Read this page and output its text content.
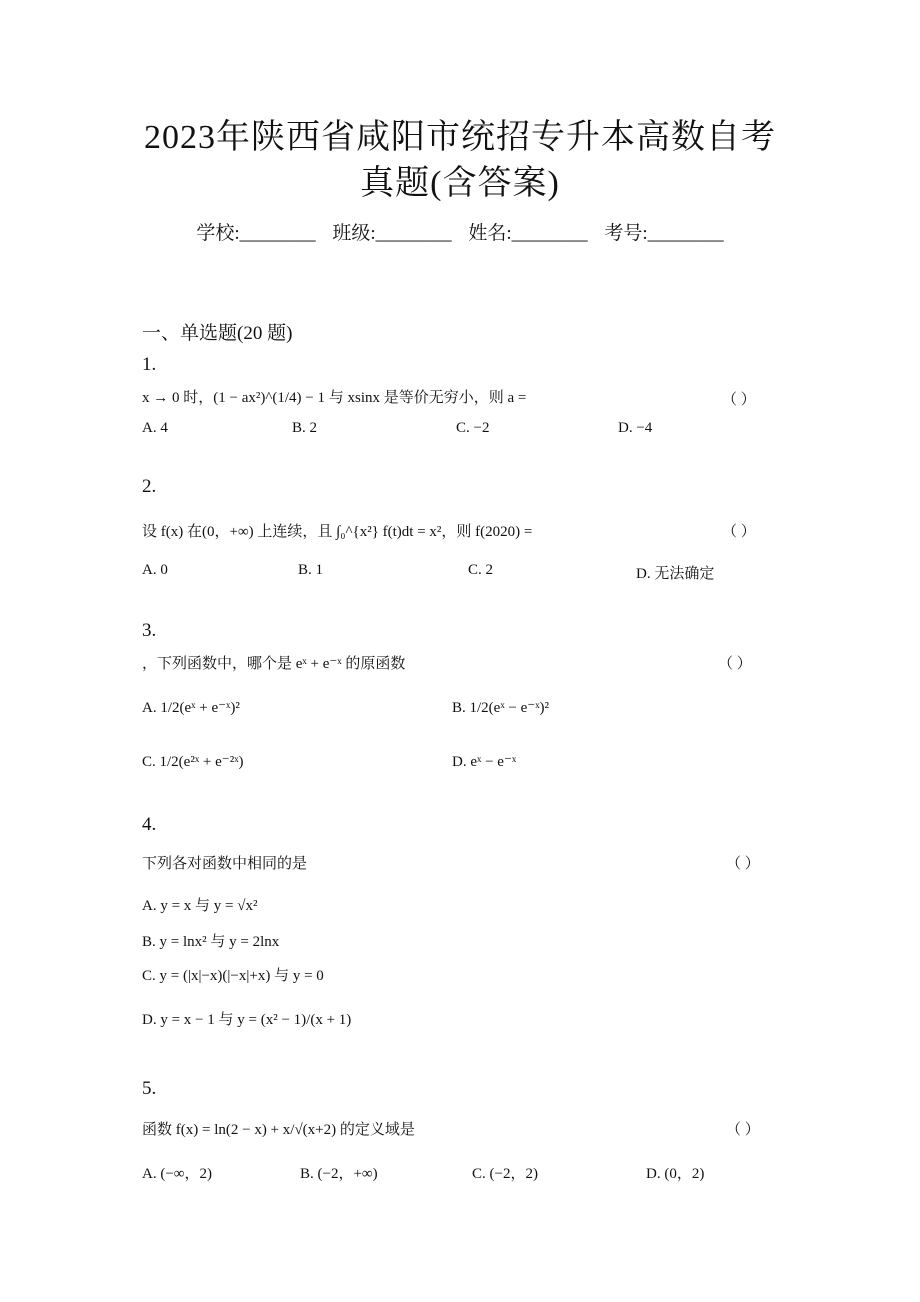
2023年陕西省咸阳市统招专升本高数自考
真题(含答案)
学校:________ 班级:________ 姓名:________ 考号:________
一、单选题(20 题)
1.
x → 0 时，(1 − ax²)^(1/4) − 1 与 xsinx 是等价无穷小，则 a =	（ ）
A. 4	B. 2	C. −2	D. −4
2.
设 f(x) 在(0，+∞) 上连续，且 ∫₀^{x²} f(t)dt = x²，则 f(2020) =	（ ）
A. 0	B. 1	C. 2	D. 无法确定
3.
，下列函数中，哪个是 eˣ + e⁻ˣ 的原函数	（ ）
A. 1/2(eˣ + e⁻ˣ)²	B. 1/2(eˣ − e⁻ˣ)²
C. 1/2(e²ˣ + e⁻²ˣ)	D. eˣ − e⁻ˣ
4.
下列各对函数中相同的是	（ ）
A. y = x 与 y = √x²
B. y = lnx² 与 y = 2lnx
C. y = (|x|−x)(|−x|+x) 与 y = 0
D. y = x − 1 与 y = (x² − 1)/(x + 1)
5.
函数 f(x) = ln(2 − x) + x/√(x+2) 的定义域是	（ ）
A. (−∞，2)	B. (−2，+∞)	C. (−2，2)	D. (0，2)
